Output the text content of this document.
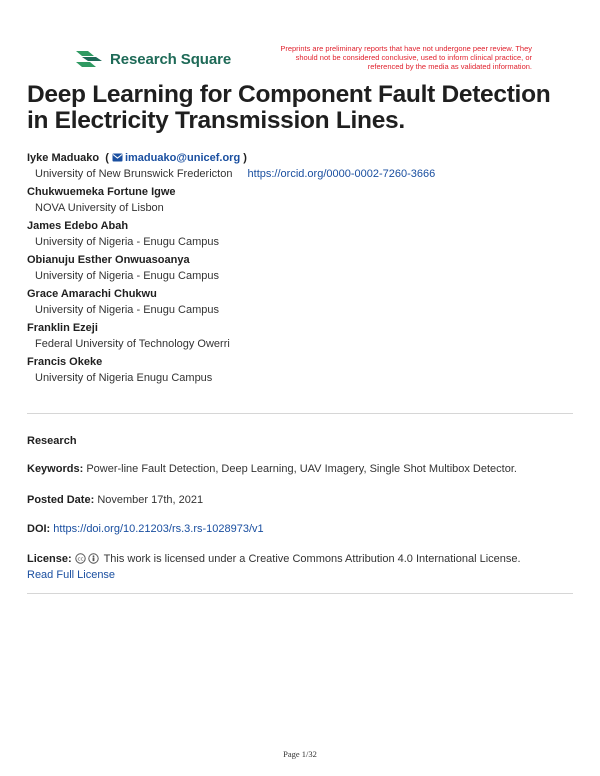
Research Square
Preprints are preliminary reports that have not undergone peer review. They should not be considered conclusive, used to inform clinical practice, or referenced by the media as validated information.
Deep Learning for Component Fault Detection in Electricity Transmission Lines.
Iyke Maduako  ( imaduako@unicef.org )
University of New Brunswick Fredericton https://orcid.org/0000-0002-7260-3666
Chukwuemeka Fortune Igwe
NOVA University of Lisbon
James Edebo Abah
University of Nigeria - Enugu Campus
Obianuju Esther Onwuasoanya
University of Nigeria - Enugu Campus
Grace Amarachi Chukwu
University of Nigeria - Enugu Campus
Franklin Ezeji
Federal University of Technology Owerri
Francis Okeke
University of Nigeria Enugu Campus
Research
Keywords: Power-line Fault Detection, Deep Learning, UAV Imagery, Single Shot Multibox Detector.
Posted Date: November 17th, 2021
DOI: https://doi.org/10.21203/rs.3.rs-1028973/v1
License: cc This work is licensed under a Creative Commons Attribution 4.0 International License.
Read Full License
Page 1/32
